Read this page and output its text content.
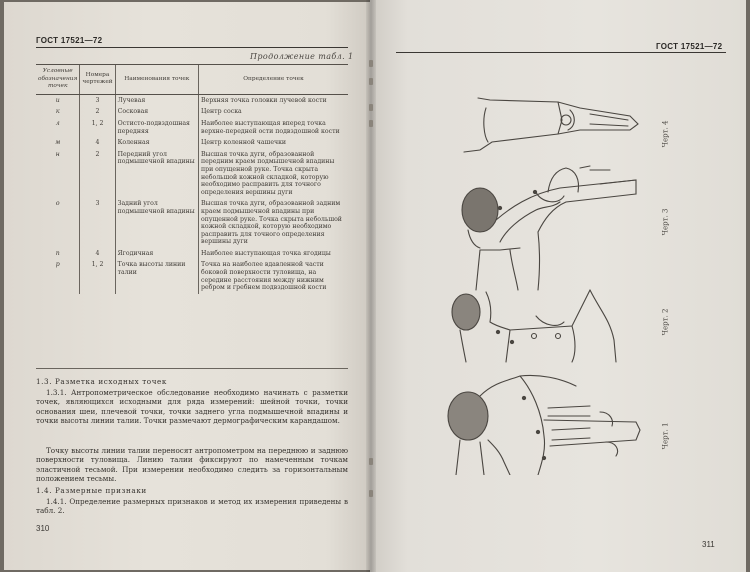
ГОСТ 17521—72
Продолжение табл. 1
Условные обозначения точек	Номера чертежей	Наименования точек	Определение точек
и	3	Лучевая	Верхняя точка головки лучевой кости
к	2	Сосковая	Центр соска
л	1, 2	Остисто-подвздошная передняя	Наиболее выступающая вперед точка верхне-передней ости подвздошной кости
м	4	Коленная	Центр коленной чашечки
н	2	Передний угол подмышечной впадины	Высшая точка дуги, образованной передним краем подмышечной впадины при опущенной руке. Точка скрыта небольшой кожной складкой, которую необходимо расправить для точного определения вершины дуги
о	3	Задний угол подмышечной впадины	Высшая точка дуги, образованной задним краем подмышечной впадины при опущенной руке. Точка скрыта небольшой кожной складкой, которую необходимо расправить для точного определения вершины дуги
п	4	Ягодичная	Наиболее выступающая точка ягодицы
р	1, 2	Точка высоты линии талии	Точка на наиболее вдавленной части боковой поверхности туловища, на середине расстояния между нижним ребром и гребнем подвздошной кости
1.3. Разметка исходных точек
1.3.1. Антропометрическое обследование необходимо начинать с разметки точек, являющихся исходными для ряда измерений: шейной точки, точки основания шеи, плечевой точки, точки заднего угла подмышечной впадины и точки высоты линии талии. Точки размечают дермографическим карандашом.
Точку высоты линии талии переносят антропометром на переднюю и заднюю поверхности туловища. Линию талии фиксируют по намеченным точкам эластичной тесьмой. При измерении необходимо следить за горизонтальным положением тесьмы.
1.4. Размерные признаки
1.4.1. Определение размерных признаков и метод их измерения приведены в табл. 2.
310
ГОСТ 17521—72
Черт. 4
Черт. 3
Черт. 2
Черт. 1
311
